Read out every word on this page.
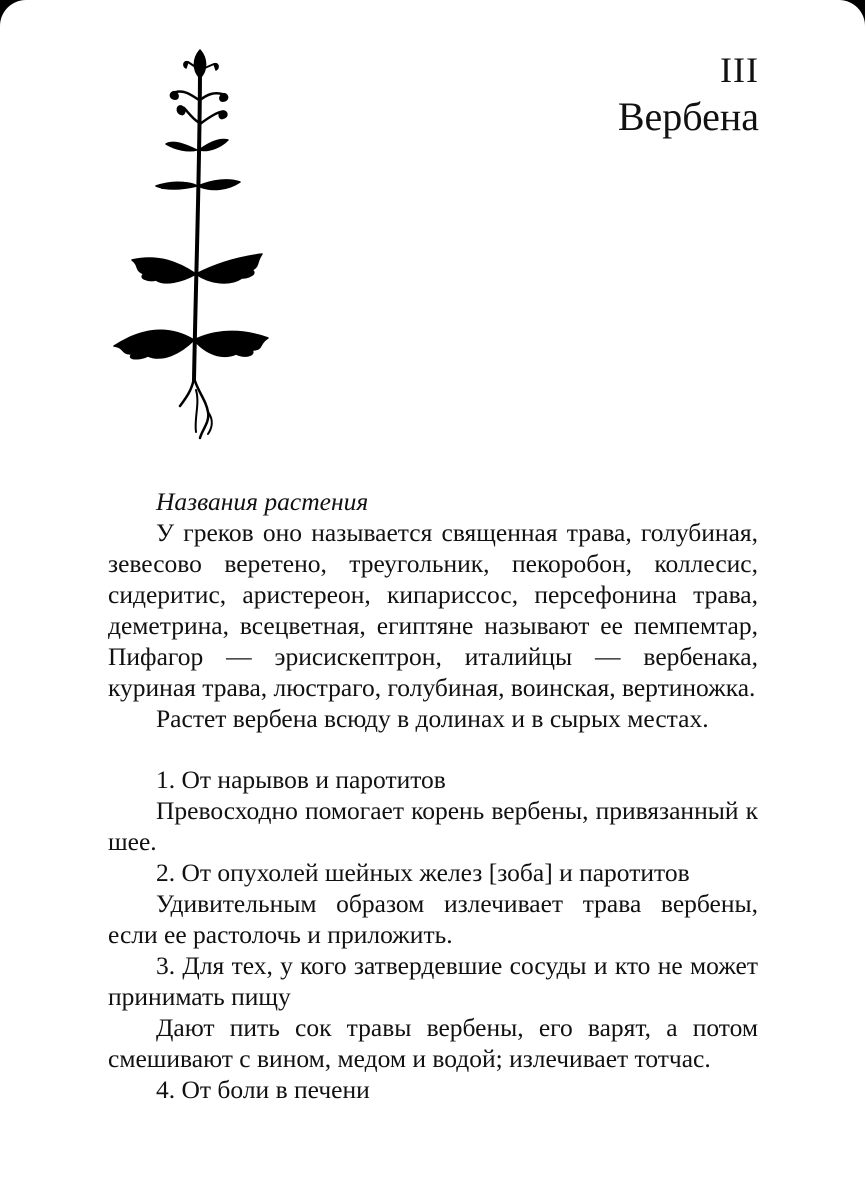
III
Вербена

Названия растения

У греков оно называется священная трава, голубиная, зевесово веретено, треугольник, пекоробон, коллесис, сидеритис, аристереон, кипариссос, персефонина трава, деметрина, всецветная, египтяне называют ее пемпемтар, Пифагор — эрисискептрон, италийцы — вербенака, куриная трава, люстраго, голубиная, воинская, вертиножка.

Растет вербена всюду в долинах и в сырых местах.

1. От нарывов и паротитов

Превосходно помогает корень вербены, привязанный к шее.

2. От опухолей шейных желез [зоба] и паротитов

Удивительным образом излечивает трава вербены, если ее растолочь и приложить.

3. Для тех, у кого затвердевшие сосуды и кто не может принимать пищу

Дают пить сок травы вербены, его варят, а потом смешивают с вином, медом и водой; излечивает тотчас.

4. От боли в печени
